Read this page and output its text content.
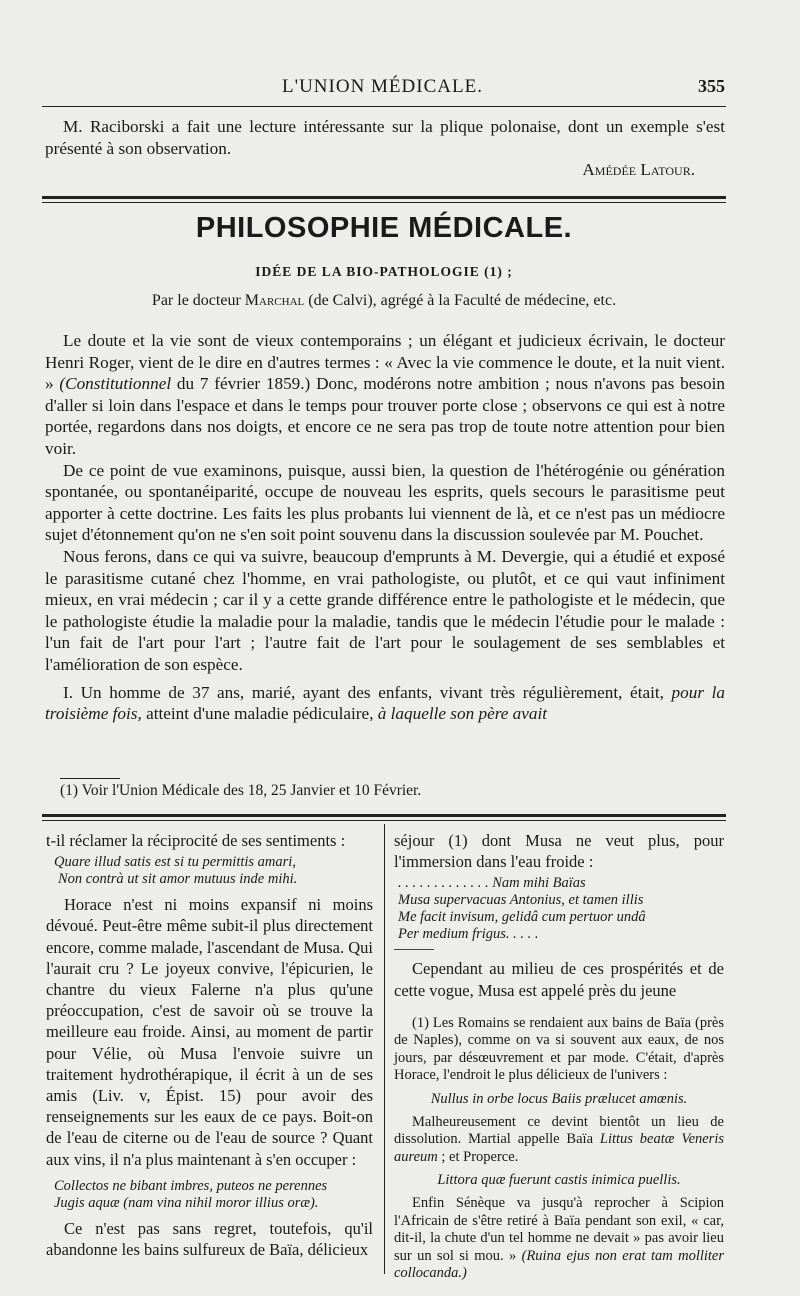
L'UNION MÉDICALE.	355

M. Raciborski a fait une lecture intéressante sur la plique polonaise, dont un exemple s'est présenté à son observation.

Amédée Latour.

PHILOSOPHIE MÉDICALE.
IDÉE DE LA BIO-PATHOLOGIE (1) ;
Par le docteur Marchal (de Calvi), agrégé à la Faculté de médecine, etc.

Le doute et la vie sont de vieux contemporains ; un élégant et judicieux écrivain, le docteur Henri Roger, vient de le dire en d'autres termes : « Avec la vie commence le doute, et la nuit vient. » (Constitutionnel du 7 février 1859.) Donc, modérons notre ambition ; nous n'avons pas besoin d'aller si loin dans l'espace et dans le temps pour trouver porte close ; observons ce qui est à notre portée, regardons dans nos doigts, et encore ce ne sera pas trop de toute notre attention pour bien voir.

De ce point de vue examinons, puisque, aussi bien, la question de l'hétérogénie ou génération spontanée, ou spontanéiparité, occupe de nouveau les esprits, quels secours le parasitisme peut apporter à cette doctrine. Les faits les plus probants lui viennent de là, et ce n'est pas un médiocre sujet d'étonnement qu'on ne s'en soit point souvenu dans la discussion soulevée par M. Pouchet.

Nous ferons, dans ce qui va suivre, beaucoup d'emprunts à M. Devergie, qui a étudié et exposé le parasitisme cutané chez l'homme, en vrai pathologiste, ou plutôt, et ce qui vaut infiniment mieux, en vrai médecin ; car il y a cette grande différence entre le pathologiste et le médecin, que le pathologiste étudie la maladie pour la maladie, tandis que le médecin l'étudie pour le malade : l'un fait de l'art pour l'art ; l'autre fait de l'art pour le soulagement de ses semblables et l'amélioration de son espèce.

I. Un homme de 37 ans, marié, ayant des enfants, vivant très régulièrement, était, pour la troisième fois, atteint d'une maladie pédiculaire, à laquelle son père avait

(1) Voir l'Union Médicale des 18, 25 Janvier et 10 Février.

t-il réclamer la réciprocité de ses sentiments :

Quare illud satis est si tu permittis amari,
Non contrà ut sit amor mutuus inde mihi.

Horace n'est ni moins expansif ni moins dévoué. Peut-être même subit-il plus directement encore, comme malade, l'ascendant de Musa. Qui l'aurait cru ? Le joyeux convive, l'épicurien, le chantre du vieux Falerne n'a plus qu'une préoccupation, c'est de savoir où se trouve la meilleure eau froide. Ainsi, au moment de partir pour Vélie, où Musa l'envoie suivre un traitement hydrothérapique, il écrit à un de ses amis (Liv. v, Épist. 15) pour avoir des renseignements sur les eaux de ce pays. Boit-on de l'eau de citerne ou de l'eau de source ? Quant aux vins, il n'a plus maintenant à s'en occuper :

Collectos ne bibant imbres, puteos ne perennes
Jugis aquæ (nam vina nihil moror illius oræ).

Ce n'est pas sans regret, toutefois, qu'il abandonne les bains sulfureux de Baïa, délicieux

séjour (1) dont Musa ne veut plus, pour l'immersion dans l'eau froide :

. . . . . . . . . . . . . Nam mihi Baïas
Musa supervacuas Antonius, et tamen illis
Me facit invisum, gelidâ cum pertuor undâ
Per medium frigus. . . . .

Cependant au milieu de ces prospérités et de cette vogue, Musa est appelé près du jeune

(1) Les Romains se rendaient aux bains de Baïa (près de Naples), comme on va si souvent aux eaux, de nos jours, par désœuvrement et par mode. C'était, d'après Horace, l'endroit le plus délicieux de l'univers :

Nullus in orbe locus Baiis prælucet amœnis.

Malheureusement ce devint bientôt un lieu de dissolution. Martial appelle Baïa Littus beatæ Veneris aureum ; et Properce.

Littora quæ fuerunt castis inimica puellis.

Enfin Sénèque va jusqu'à reprocher à Scipion l'Africain de s'être retiré à Baïa pendant son exil, « car, dit-il, la chute d'un tel homme ne devait » pas avoir lieu sur un sol si mou. » (Ruina ejus non erat tam molliter collocanda.)
